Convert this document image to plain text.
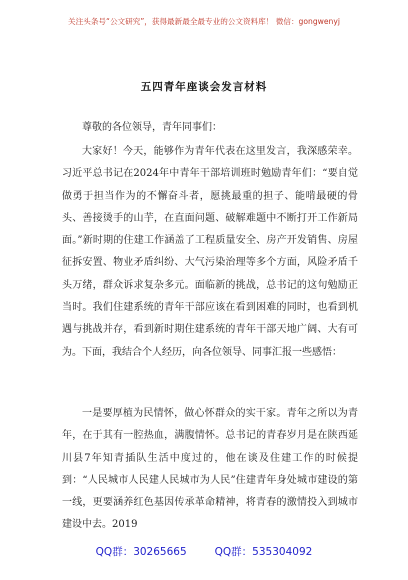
关注头条号“公文研究”，获得最新最全最专业的公文资料库！ 微信：gongwenyj
五四青年座谈会发言材料

尊敬的各位领导，青年同事们：

大家好！今天，能够作为青年代表在这里发言，我深感荣幸。习近平总书记在2024年中青年干部培训班时勉励青年们：“要自觉做勇于担当作为的不懈奋斗者，愿挑最重的担子、能啃最硬的骨头、善接烫手的山芋，在直面问题、破解难题中不断打开工作新局面。”新时期的住建工作涵盖了工程质量安全、房产开发销售、房屋征拆安置、物业矛盾纠纷、大气污染治理等多个方面，风险矛盾千头万绪，群众诉求复杂多元。面临新的挑战，总书记的这句勉励正当时。我们住建系统的青年干部应该在看到困难的同时，也看到机遇与挑战并存，看到新时期住建系统的青年干部天地广阔、大有可为。下面，我结合个人经历，向各位领导、同事汇报一些感悟：

一是要厚植为民情怀，做心怀群众的实干家。青年之所以为青年，在于其有一腔热血，满腹情怀。总书记的青春岁月是在陕西延川县7年知青插队生活中度过的，他在谈及住建工作的时候提到：“人民城市人民建人民城市为人民”住建青年身处城市建设的第一线，更要涵养红色基因传承革命精神，将青春的激情投入到城市建设中去。2019

QQ群：30265665	QQ群：535304092
